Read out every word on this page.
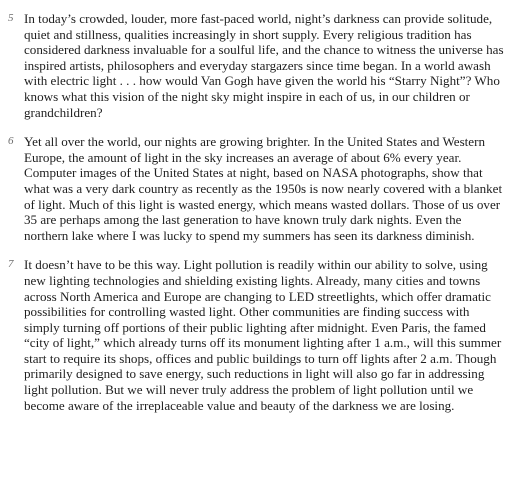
5 In today’s crowded, louder, more fast-paced world, night’s darkness can provide solitude, quiet and stillness, qualities increasingly in short supply. Every religious tradition has considered darkness invaluable for a soulful life, and the chance to witness the universe has inspired artists, philosophers and everyday stargazers since time began. In a world awash with electric light . . . how would Van Gogh have given the world his “Starry Night”? Who knows what this vision of the night sky might inspire in each of us, in our children or grandchildren?

6 Yet all over the world, our nights are growing brighter. In the United States and Western Europe, the amount of light in the sky increases an average of about 6% every year. Computer images of the United States at night, based on NASA photographs, show that what was a very dark country as recently as the 1950s is now nearly covered with a blanket of light. Much of this light is wasted energy, which means wasted dollars. Those of us over 35 are perhaps among the last generation to have known truly dark nights. Even the northern lake where I was lucky to spend my summers has seen its darkness diminish.

7 It doesn’t have to be this way. Light pollution is readily within our ability to solve, using new lighting technologies and shielding existing lights. Already, many cities and towns across North America and Europe are changing to LED streetlights, which offer dramatic possibilities for controlling wasted light. Other communities are finding success with simply turning off portions of their public lighting after midnight. Even Paris, the famed “city of light,” which already turns off its monument lighting after 1 a.m., will this summer start to require its shops, offices and public buildings to turn off lights after 2 a.m. Though primarily designed to save energy, such reductions in light will also go far in addressing light pollution. But we will never truly address the problem of light pollution until we become aware of the irreplaceable value and beauty of the darkness we are losing.
